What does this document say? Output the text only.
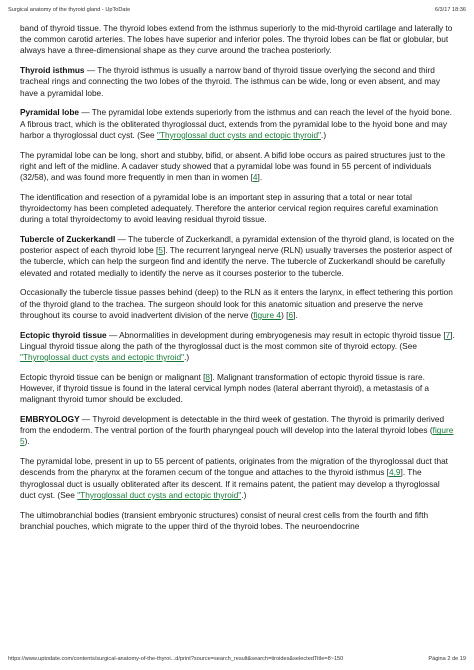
Surgical anatomy of the thyroid gland - UpToDate	6/3/17 18:36

band of thyroid tissue. The thyroid lobes extend from the isthmus superiorly to the mid-thyroid cartilage and laterally to the common carotid arteries. The lobes have superior and inferior poles. The thyroid lobes can be flat or globular, but always have a three-dimensional shape as they curve around the trachea posteriorly.

Thyroid isthmus — The thyroid isthmus is usually a narrow band of thyroid tissue overlying the second and third tracheal rings and connecting the two lobes of the thyroid. The isthmus can be wide, long or even absent, and may have a pyramidal lobe.

Pyramidal lobe — The pyramidal lobe extends superiorly from the isthmus and can reach the level of the hyoid bone. A fibrous tract, which is the obliterated thyroglossal duct, extends from the pyramidal lobe to the hyoid bone and may harbor a thyroglossal duct cyst. (See "Thyroglossal duct cysts and ectopic thyroid".)

The pyramidal lobe can be long, short and stubby, bifid, or absent. A bifid lobe occurs as paired structures just to the right and left of the midline. A cadaver study showed that a pyramidal lobe was found in 55 percent of individuals (32/58), and was found more frequently in men than in women [4].

The identification and resection of a pyramidal lobe is an important step in assuring that a total or near total thyroidectomy has been completed adequately. Therefore the anterior cervical region requires careful examination during a total thyroidectomy to avoid leaving residual thyroid tissue.

Tubercle of Zuckerkandl — The tubercle of Zuckerkandl, a pyramidal extension of the thyroid gland, is located on the posterior aspect of each thyroid lobe [5]. The recurrent laryngeal nerve (RLN) usually traverses the posterior aspect of the tubercle, which can help the surgeon find and identify the nerve. The tubercle of Zuckerkandl should be carefully elevated and rotated medially to identify the nerve as it courses posterior to the tubercle.

Occasionally the tubercle tissue passes behind (deep) to the RLN as it enters the larynx, in effect tethering this portion of the thyroid gland to the trachea. The surgeon should look for this anatomic situation and preserve the nerve throughout its course to avoid inadvertent division of the nerve (figure 4) [6].

Ectopic thyroid tissue — Abnormalities in development during embryogenesis may result in ectopic thyroid tissue [7]. Lingual thyroid tissue along the path of the thyroglossal duct is the most common site of thyroid ectopy. (See "Thyroglossal duct cysts and ectopic thyroid".)

Ectopic thyroid tissue can be benign or malignant [8]. Malignant transformation of ectopic thyroid tissue is rare. However, if thyroid tissue is found in the lateral cervical lymph nodes (lateral aberrant thyroid), a metastasis of a malignant thyroid tumor should be excluded.

EMBRYOLOGY — Thyroid development is detectable in the third week of gestation. The thyroid is primarily derived from the endoderm. The ventral portion of the fourth pharyngeal pouch will develop into the lateral thyroid lobes (figure 5).

The pyramidal lobe, present in up to 55 percent of patients, originates from the migration of the thyroglossal duct that descends from the pharynx at the foramen cecum of the tongue and attaches to the thyroid isthmus [4,9]. The thyroglossal duct is usually obliterated after its descent. If it remains patent, the patient may develop a thyroglossal duct cyst. (See "Thyroglossal duct cysts and ectopic thyroid".)

The ultimobranchial bodies (transient embryonic structures) consist of neural crest cells from the fourth and fifth branchial pouches, which migrate to the upper third of the thyroid lobes. The neuroendocrine

https://www.uptodate.com/contents/surgical-anatomy-of-the-thyroi...d/print?source=search_result&search=tiroides&selectedTitle=8~150	Página 2 de 19
